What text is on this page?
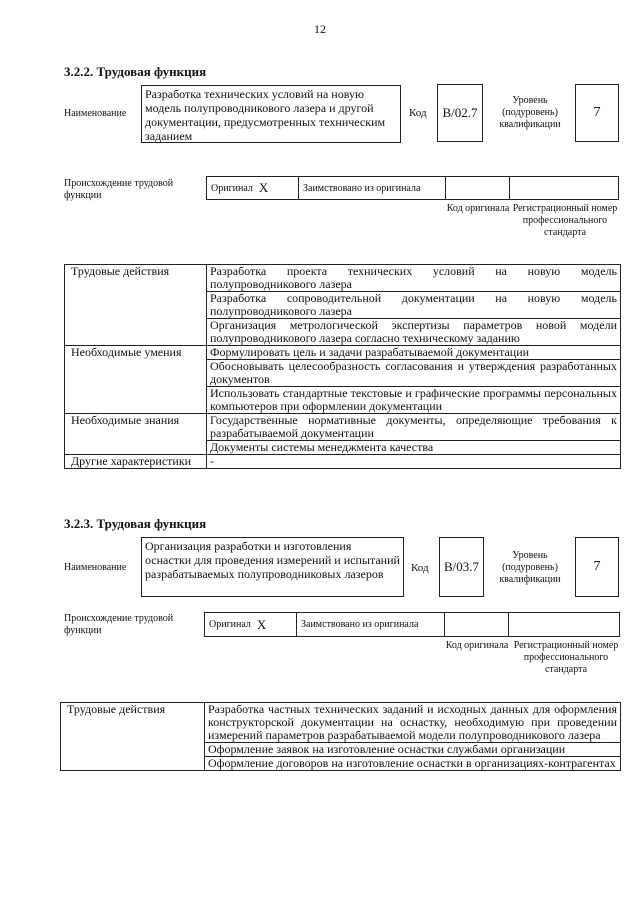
12
3.2.2. Трудовая функция
Наименование
Разработка технических условий на новую модель полупроводникового лазера и другой документации, предусмотренных техническим заданием
Код	B/02.7
Уровень (подуровень) квалификации
7
Происхождение трудовой функции
Оригинал X	Заимствовано из оригинала
Код оригинала Регистрационный номер профессионального стандарта
Трудовые действия	Разработка проекта технических условий на новую модель полупроводникового лазера
	Разработка сопроводительной документации на новую модель полупроводникового лазера
	Организация метрологической экспертизы параметров новой модели полупроводникового лазера согласно техническому заданию
Необходимые умения	Формулировать цель и задачи разрабатываемой документации
	Обосновывать целесообразность согласования и утверждения разработанных документов
	Использовать стандартные текстовые и графические программы персональных компьютеров при оформлении документации
Необходимые знания	Государственные нормативные документы, определяющие требования к разрабатываемой документации
	Документы системы менеджмента качества
Другие характеристики	-
3.2.3. Трудовая функция
Наименование
Организация разработки и изготовления оснастки для проведения измерений и испытаний разрабатываемых полупроводниковых лазеров	Код	B/03.7
Уровень (подуровень) квалификации
7
Происхождение трудовой функции
Оригинал X	Заимствовано из оригинала
Код оригинала Регистрационный номер профессионального стандарта
Трудовые действия	Разработка частных технических заданий и исходных данных для оформления конструкторской документации на оснастку, необходимую при проведении измерений параметров разрабатываемой модели полупроводникового лазера
Оформление заявок на изготовление оснастки службами организации
Оформление договоров на изготовление оснастки в организациях-контрагентах
